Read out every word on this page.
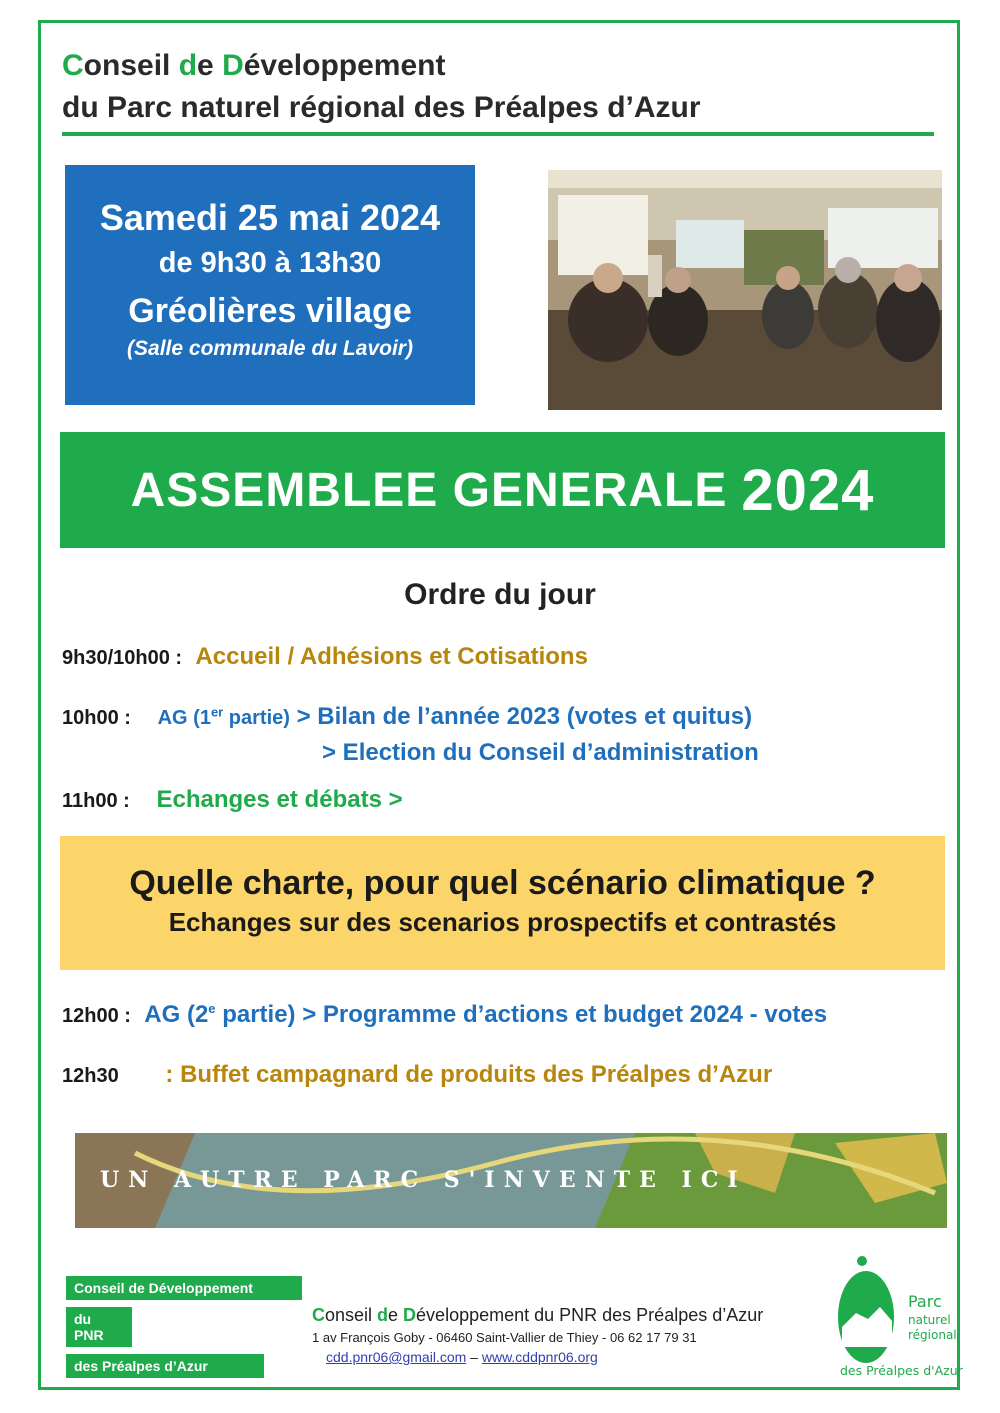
Conseil de Développement
du Parc naturel régional des Préalpes d’Azur
Samedi 25 mai 2024
de 9h30 à 13h30
Gréolières village
(Salle communale du Lavoir)
ASSEMBLEE GENERALE 2024
Ordre du jour
9h30/10h00 : Accueil / Adhésions et Cotisations
10h00 : AG (1er partie) > Bilan de l’année 2023 (votes et quitus)
> Election du Conseil d’administration
11h00 : Echanges et débats >
Quelle charte, pour quel scénario climatique ?
Echanges sur des scenarios prospectifs et contrastés
12h00 : AG (2e partie) > Programme d’actions et budget 2024 - votes
12h30 : Buffet campagnard de produits des Préalpes d’Azur
UN AUTRE PARC S'INVENTE ICI
Conseil de Développement
du PNR
des Préalpes d’Azur
Conseil de Développement du PNR des Préalpes d’Azur
1 av François Goby - 06460 Saint-Vallier de Thiey - 06 62 17 79 31
cdd.pnr06@gmail.com – www.cddpnr06.org
Parc
naturel
régional
des Préalpes d'Azur
